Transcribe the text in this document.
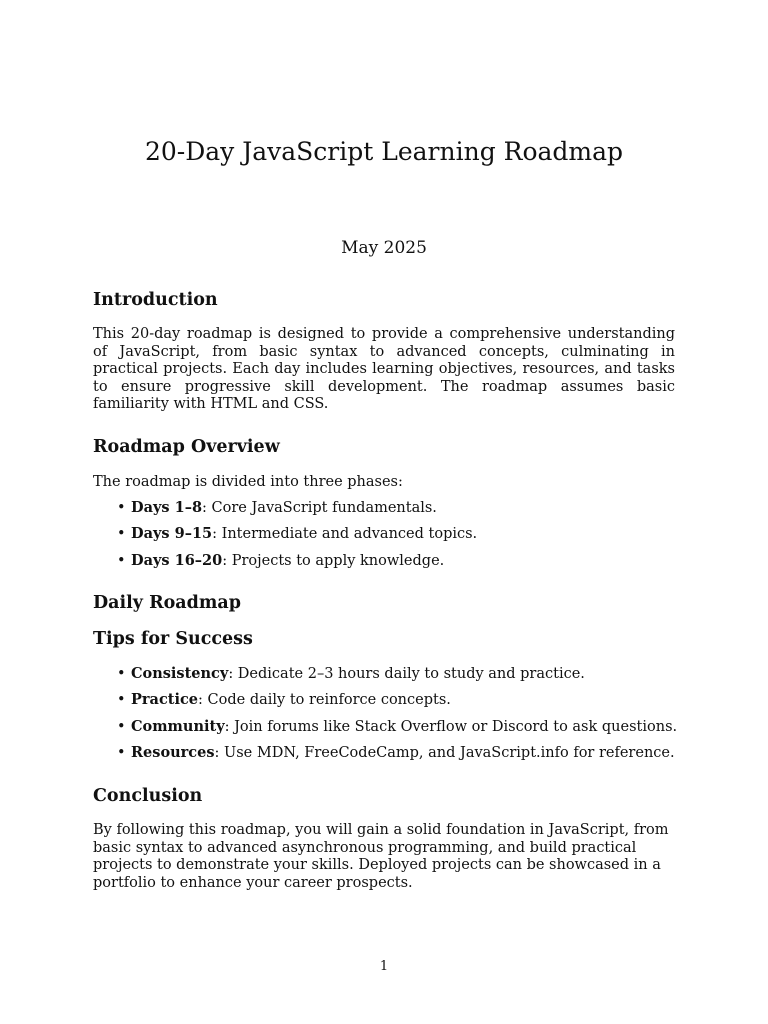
20-Day JavaScript Learning Roadmap
May 2025
Introduction

This 20-day roadmap is designed to provide a comprehensive understanding of JavaScript, from basic syntax to advanced concepts, culminating in practical projects. Each day includes learning objectives, resources, and tasks to ensure progressive skill development. The roadmap assumes basic familiarity with HTML and CSS.

Roadmap Overview

The roadmap is divided into three phases:

• Days 1–8: Core JavaScript fundamentals.
• Days 9–15: Intermediate and advanced topics.
• Days 16–20: Projects to apply knowledge.
Daily Roadmap
Tips for Success
• Consistency: Dedicate 2–3 hours daily to study and practice.
• Practice: Code daily to reinforce concepts.
• Community: Join forums like Stack Overflow or Discord to ask questions.
• Resources: Use MDN, FreeCodeCamp, and JavaScript.info for reference.
Conclusion

By following this roadmap, you will gain a solid foundation in JavaScript, from basic syntax to advanced asynchronous programming, and build practical projects to demonstrate your skills. Deployed projects can be showcased in a portfolio to enhance your career prospects.

1
